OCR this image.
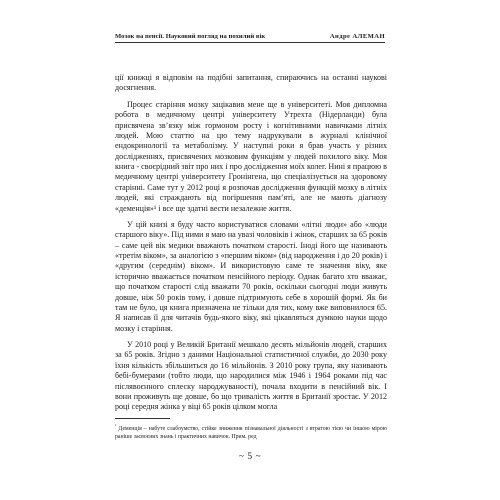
Мозок на пенсії. Науковий погляд на похилий вік	Андре АЛЕМАН

ції книжці я відповім на подібні запитання, спираючись на останні наукові досягнення.

Процес старіння мозку зацікавив мене ще в університеті. Моя дипломна робота в медичному центрі університету Утрехта (Нідерланди) була присвячена зв’язку між гормоном росту і когнітивними навичками літніх людей. Мою статтю на цю тему надрукували в журналі клінічної ендокринології та метаболізму. У наступні роки я брав участь у різних дослідженнях, присвячених мозковим функціям у людей похилого віку. Моя книга - своєрідний звіт про них і про дослідження моїх колег. Нині я працюю в медичному центрі університету Гронінгена, що спеціалізується на здоровому старінні. Саме тут у 2012 році я розпочав дослідження функцій мозку в літніх людей, які страждають від погіршення пам’яті, але не мають діагнозу «деменція»¹ і все ще здатні вести незалежне життя.

У цій книзі я буду часто користуватися словами «літні люди» або «люди старшого віку». Під ними я маю на увазі чоловіків і жінок, старших за 65 років – саме цей вік медики вважають початком старості. Іноді його ще називають «третім віком», за аналогією з «першим віком» (від народження і до 20 років) і «другим (середнім) віком». И використовую саме те значення віку, яке історично вважається початком пенсійного періоду. Однак багато хто вважає, що початком старості слід вважати 70 років, оскільки сьогодні люди живуть довше, ніж 50 років тому, і довше підтримують себе в хорошій формі. Як би там не було, ця книга призначена не тільки для тих, кому вже виповнилося 65. Я написав її для читачів будь-якого віку, які цікавляться думкою науки щодо мозку і старіння.

У 2010 році у Великій Британії мешкало десять мільйонів людей, старших за 65 років. Згідно з даними Національної статистичної служби, до 2030 року їхня кількість збільшиться до 16 мільйонів. З 2010 року група, яку називають бебі-бумерами (тобто люди, що народилися між 1946 і 1964 роками під час післявоєнного сплеску народжуваності), почала входити в пенсійний вік. І вони проживуть ще довше, бо що тривалість життя в Британії зростає. У 2012 році середня жінка у віці 65 років цілком могла

$^{^1}$ Деменція – набуте слабоумство, стійке зниження пізнавальної діяльності з втратою тією чи іншою мірою раніше засвоєних знань і практичних навичок. Прим. ред
~ 5 ~
